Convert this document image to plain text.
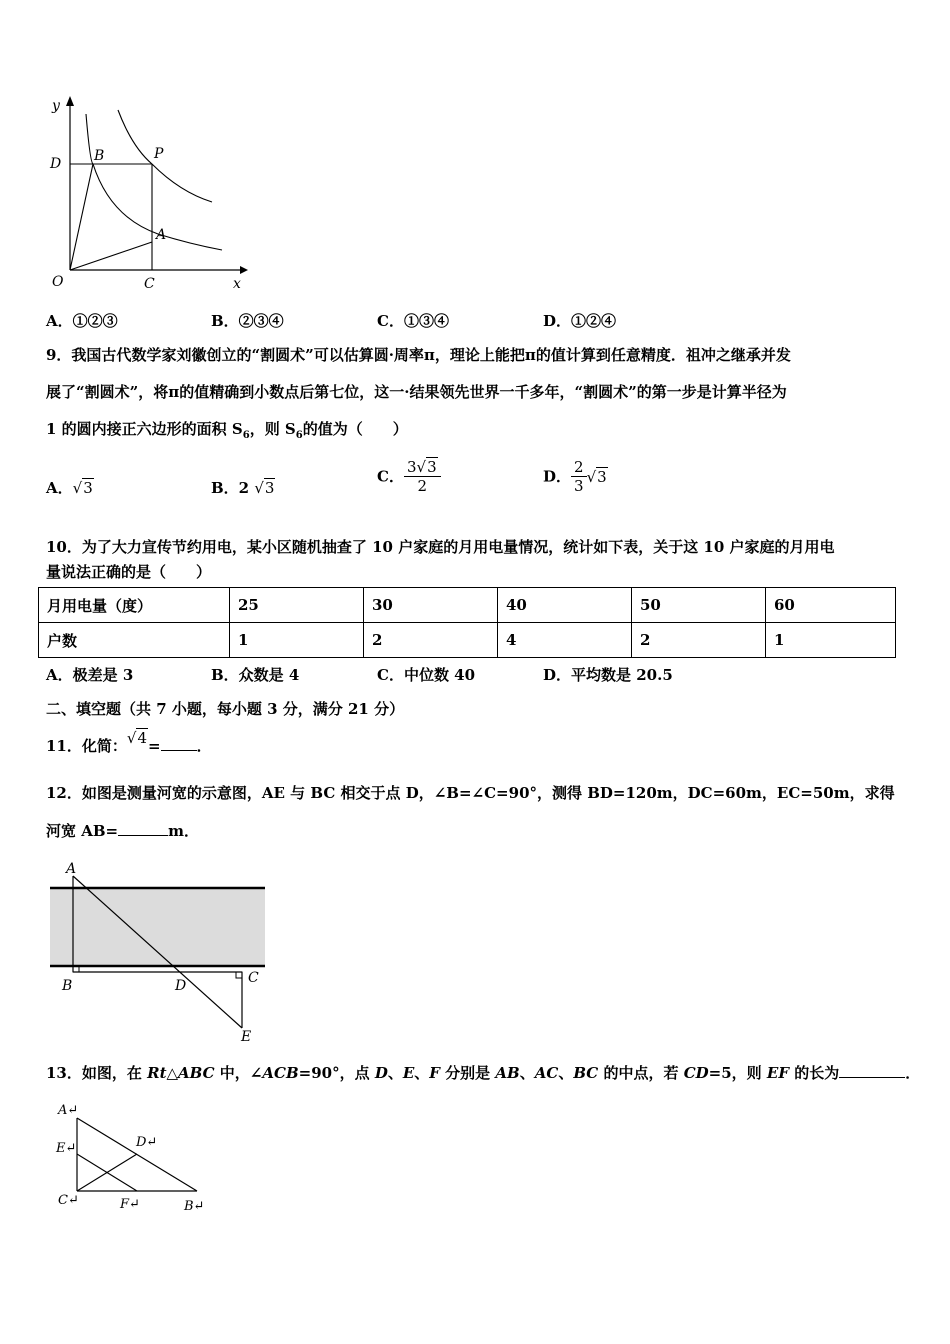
y
D B	P
A
O	C	x
A．①②③	B．②③④	C．①③④	D．①②④
9．我国古代数学家刘徽创立的“割圆术”可以估算圆·周率π，理论上能把π的值计算到任意精度．祖冲之继承并发
展了“割圆术”，将π的值精确到小数点后第七位，这一·结果领先世界一千多年，“割圆术”的第一步是计算半径为
1 的圆内接正六边形的面积 $S_6$，则 $S_6$的值为（　　）
A．√3	B．2 √3
C． $\frac{3√3}{2}$	D． $\frac{2}{3} √3$
10．为了大力宣传节约用电，某小区随机抽查了 10 户家庭的月用电量情况，统计如下表，关于这 10 户家庭的月用电
量说法正确的是（　　）
月用电量（度）	25	30	40	50	60
户数	1	2	4	2	1
A．极差是 3	B．众数是 4	C．中位数 40	D．平均数是 20.5
二、填空题（共 7 小题，每小题 3 分，满分 21 分）
11．化简：√4= ．
12．如图是测量河宽的示意图，AE 与 BC 相交于点 D，∠B=∠C=90°，测得 BD=120m，DC=60m，EC=50m，求得
河宽 AB=	m．
A
B	D	C
E
13．如图，在 Rt△ABC 中，∠ACB=90°，点 D、E、F 分别是 AB、AC、BC 的中点，若 CD=5，则 EF 的长为	．
A↵
E↵	D↵
C↵	F↵	B↵
